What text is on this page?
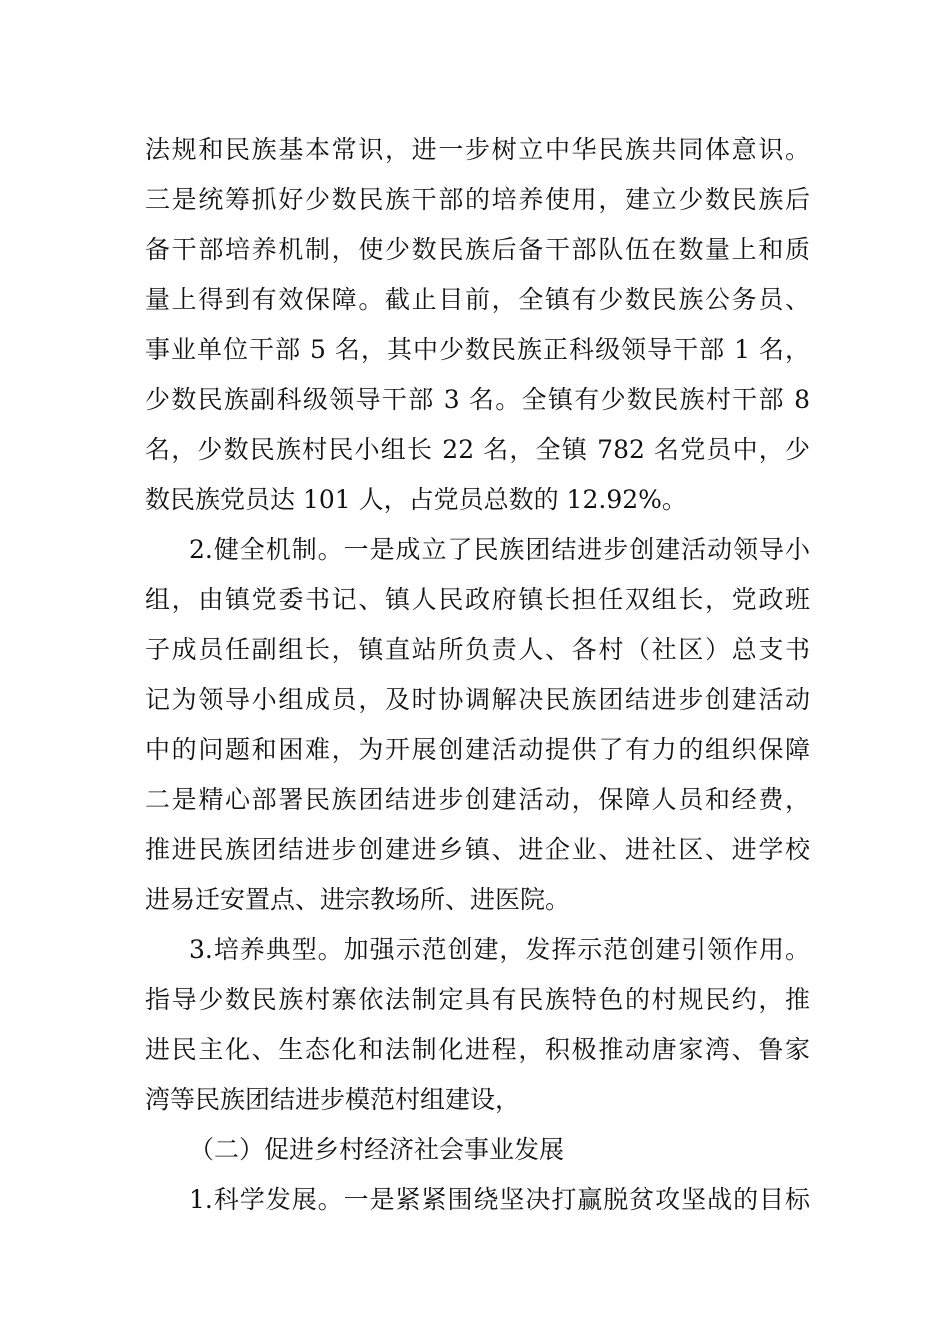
法规和民族基本常识，进一步树立中华民族共同体意识。
三是统筹抓好少数民族干部的培养使用，建立少数民族后
备干部培养机制，使少数民族后备干部队伍在数量上和质
量上得到有效保障。截止目前，全镇有少数民族公务员、
事业单位干部 5 名，其中少数民族正科级领导干部 1 名，
少数民族副科级领导干部 3 名。全镇有少数民族村干部 8
名，少数民族村民小组长 22 名，全镇 782 名党员中，少
数民族党员达 101 人，占党员总数的 12.92%。
2.健全机制。一是成立了民族团结进步创建活动领导小
组，由镇党委书记、镇人民政府镇长担任双组长，党政班
子成员任副组长，镇直站所负责人、各村（社区）总支书
记为领导小组成员，及时协调解决民族团结进步创建活动
中的问题和困难，为开展创建活动提供了有力的组织保障
二是精心部署民族团结进步创建活动，保障人员和经费，
推进民族团结进步创建进乡镇、进企业、进社区、进学校
进易迁安置点、进宗教场所、进医院。
3.培养典型。加强示范创建，发挥示范创建引领作用。
指导少数民族村寨依法制定具有民族特色的村规民约，推
进民主化、生态化和法制化进程，积极推动唐家湾、鲁家
湾等民族团结进步模范村组建设，
（二）促进乡村经济社会事业发展
1.科学发展。一是紧紧围绕坚决打赢脱贫攻坚战的目标
